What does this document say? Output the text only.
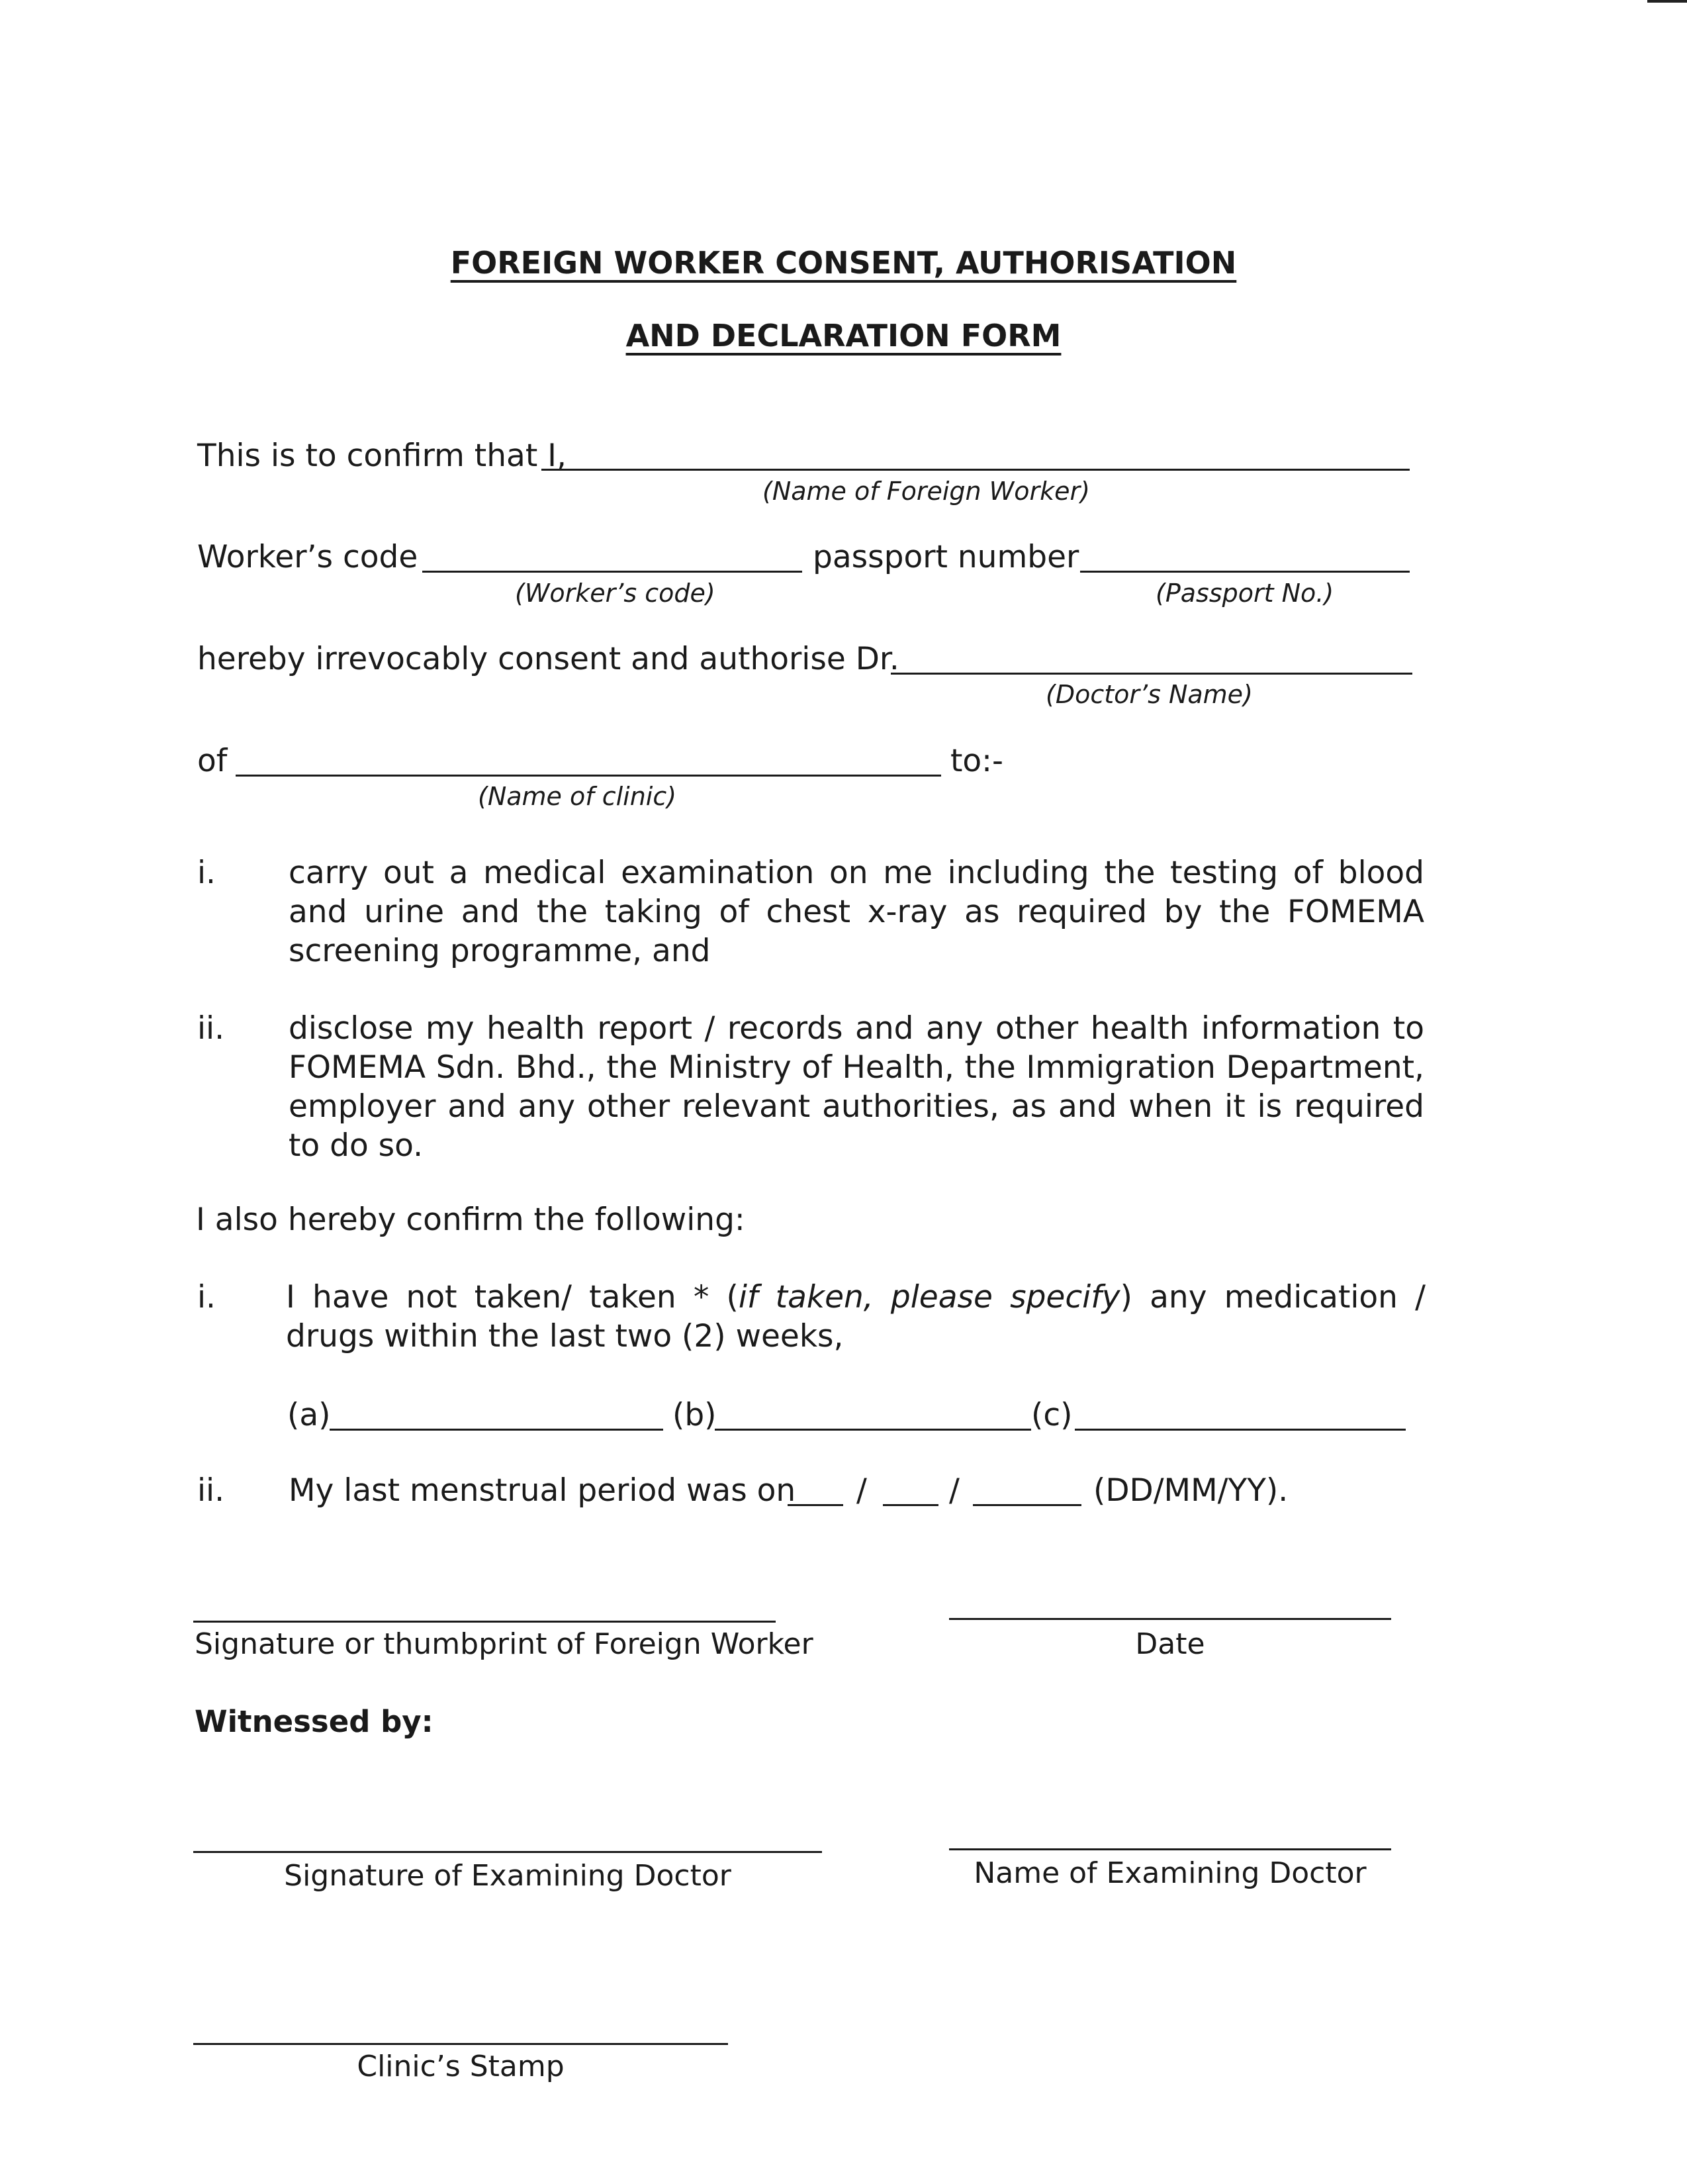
FOREIGN WORKER CONSENT, AUTHORISATION
AND DECLARATION FORM
This is to confirm that I,
(Name of Foreign Worker)
Worker’s code
(Worker’s code)
passport number
(Passport No.)
hereby irrevocably consent and authorise Dr.
(Doctor’s Name)
of	to:-
(Name of clinic)
i. carry out a medical examination on me including the testing of blood and urine and the taking of chest x-ray as required by the FOMEMA screening programme, and
ii. disclose my health report / records and any other health information to FOMEMA Sdn. Bhd., the Ministry of Health, the Immigration Department, employer and any other relevant authorities, as and when it is required to do so.
I also hereby confirm the following:
i. I have not taken/ taken * (if taken, please specify) any medication / drugs within the last two (2) weeks,
(a)	(b)	(c)
ii. My last menstrual period was on /	/	(DD/MM/YY).
Signature or thumbprint of Foreign Worker	Date
Witnessed by:
Signature of Examining Doctor	Name of Examining Doctor
Clinic’s Stamp
